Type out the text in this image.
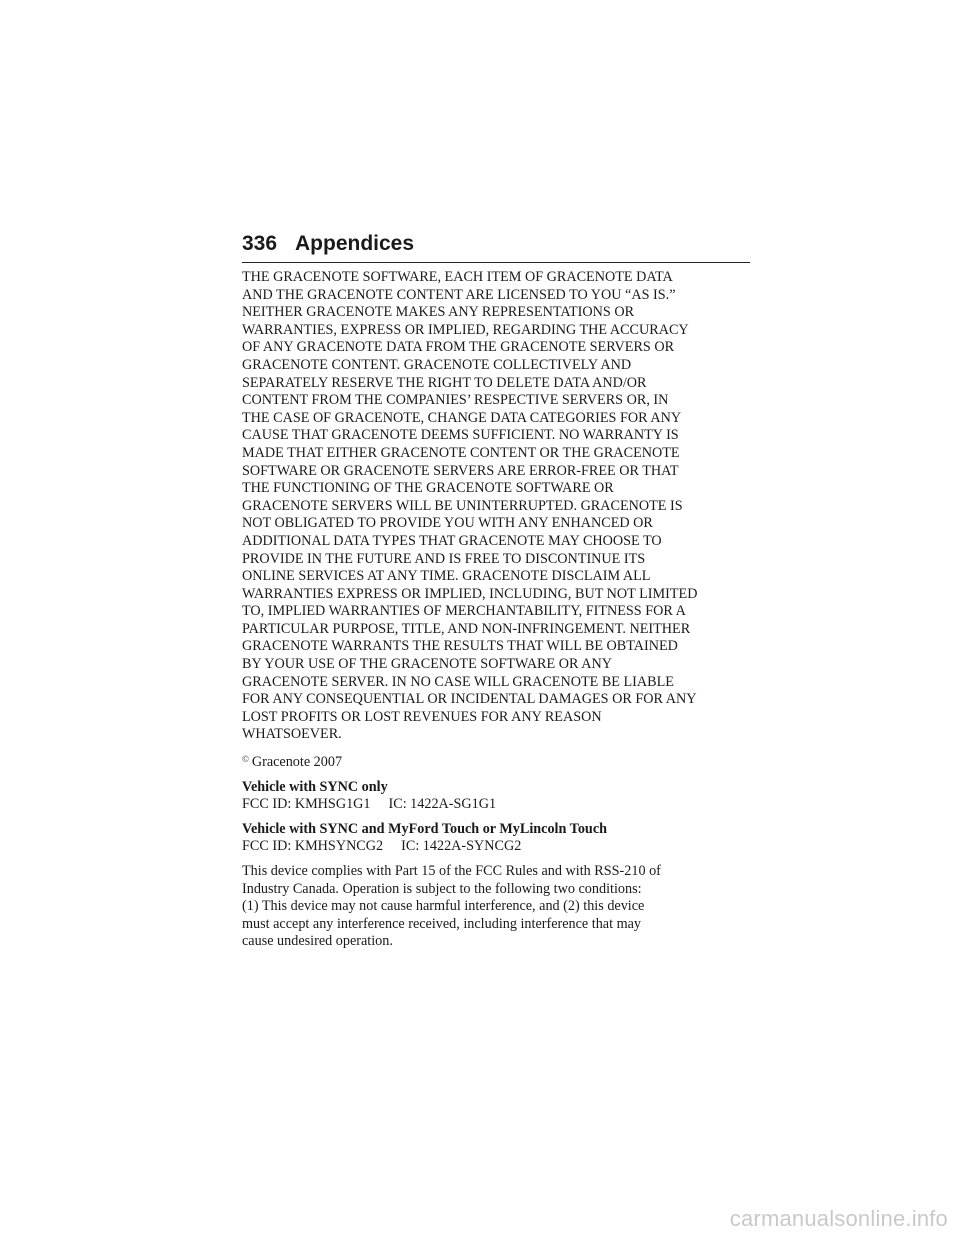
336 Appendices
THE GRACENOTE SOFTWARE, EACH ITEM OF GRACENOTE DATA
AND THE GRACENOTE CONTENT ARE LICENSED TO YOU “AS IS.”
NEITHER GRACENOTE MAKES ANY REPRESENTATIONS OR
WARRANTIES, EXPRESS OR IMPLIED, REGARDING THE ACCURACY
OF ANY GRACENOTE DATA FROM THE GRACENOTE SERVERS OR
GRACENOTE CONTENT. GRACENOTE COLLECTIVELY AND
SEPARATELY RESERVE THE RIGHT TO DELETE DATA AND/OR
CONTENT FROM THE COMPANIES’ RESPECTIVE SERVERS OR, IN
THE CASE OF GRACENOTE, CHANGE DATA CATEGORIES FOR ANY
CAUSE THAT GRACENOTE DEEMS SUFFICIENT. NO WARRANTY IS
MADE THAT EITHER GRACENOTE CONTENT OR THE GRACENOTE
SOFTWARE OR GRACENOTE SERVERS ARE ERROR-FREE OR THAT
THE FUNCTIONING OF THE GRACENOTE SOFTWARE OR
GRACENOTE SERVERS WILL BE UNINTERRUPTED. GRACENOTE IS
NOT OBLIGATED TO PROVIDE YOU WITH ANY ENHANCED OR
ADDITIONAL DATA TYPES THAT GRACENOTE MAY CHOOSE TO
PROVIDE IN THE FUTURE AND IS FREE TO DISCONTINUE ITS
ONLINE SERVICES AT ANY TIME. GRACENOTE DISCLAIM ALL
WARRANTIES EXPRESS OR IMPLIED, INCLUDING, BUT NOT LIMITED
TO, IMPLIED WARRANTIES OF MERCHANTABILITY, FITNESS FOR A
PARTICULAR PURPOSE, TITLE, AND NON-INFRINGEMENT. NEITHER
GRACENOTE WARRANTS THE RESULTS THAT WILL BE OBTAINED
BY YOUR USE OF THE GRACENOTE SOFTWARE OR ANY
GRACENOTE SERVER. IN NO CASE WILL GRACENOTE BE LIABLE
FOR ANY CONSEQUENTIAL OR INCIDENTAL DAMAGES OR FOR ANY
LOST PROFITS OR LOST REVENUES FOR ANY REASON
WHATSOEVER.

© Gracenote 2007

Vehicle with SYNC only
FCC ID: KMHSG1G1 IC: 1422A-SG1G1
Vehicle with SYNC and MyFord Touch or MyLincoln Touch
FCC ID: KMHSYNCG2 IC: 1422A-SYNCG2
This device complies with Part 15 of the FCC Rules and with RSS-210 of
Industry Canada. Operation is subject to the following two conditions:
(1) This device may not cause harmful interference, and (2) this device
must accept any interference received, including interference that may
cause undesired operation.
carmanualsonline.info
